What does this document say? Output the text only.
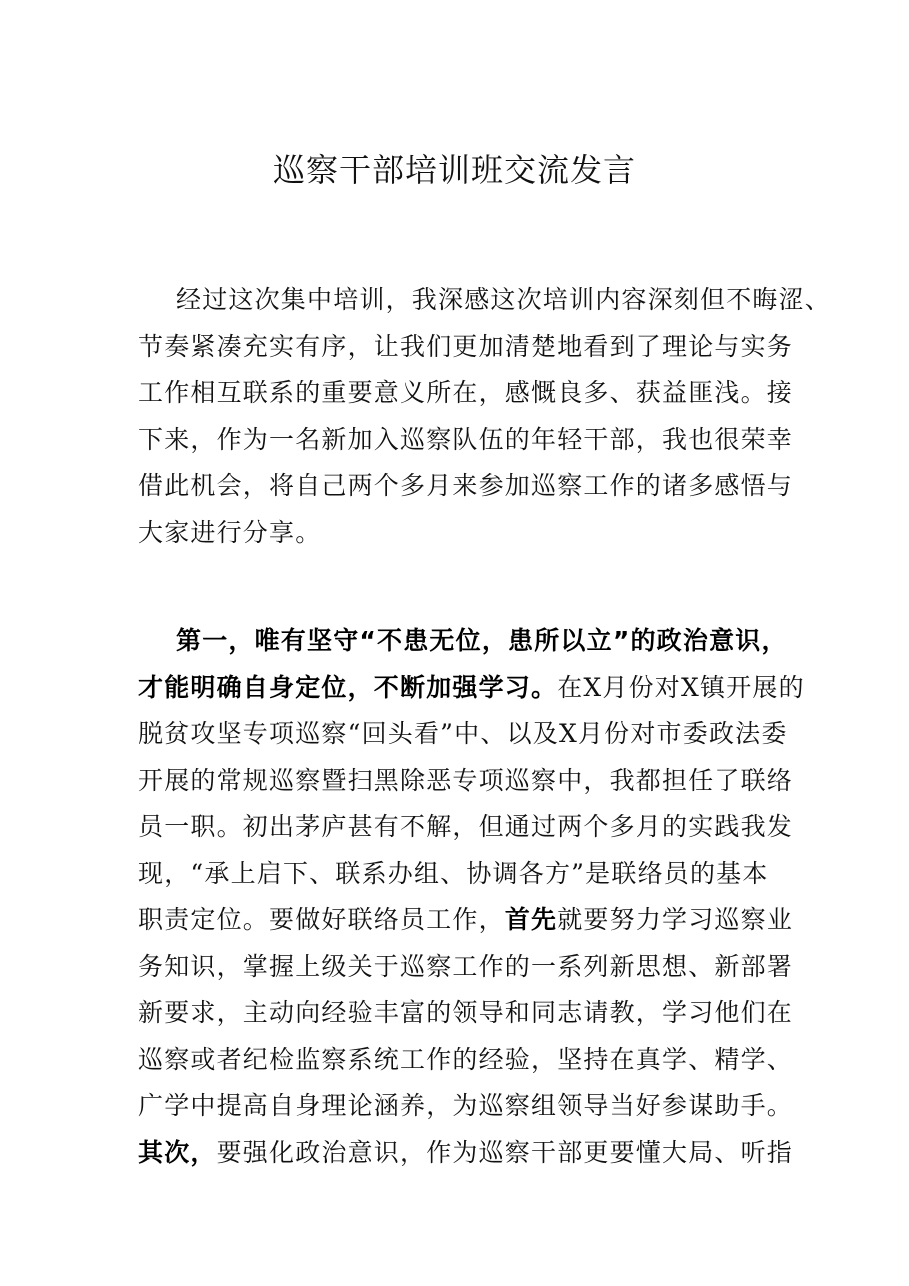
巡察干部培训班交流发言
经过这次集中培训，我深感这次培训内容深刻但不晦涩、
节奏紧凑充实有序，让我们更加清楚地看到了理论与实务
工作相互联系的重要意义所在，感慨良多、获益匪浅。接
下来，作为一名新加入巡察队伍的年轻干部，我也很荣幸
借此机会，将自己两个多月来参加巡察工作的诸多感悟与
大家进行分享。
第一，唯有坚守“不患无位，患所以立”的政治意识，
才能明确自身定位，不断加强学习。在X月份对X镇开展的
脱贫攻坚专项巡察“回头看”中、以及X月份对市委政法委
开展的常规巡察暨扫黑除恶专项巡察中，我都担任了联络
员一职。初出茅庐甚有不解，但通过两个多月的实践我发
现，“承上启下、联系办组、协调各方”是联络员的基本
职责定位。要做好联络员工作，首先就要努力学习巡察业
务知识，掌握上级关于巡察工作的一系列新思想、新部署
新要求，主动向经验丰富的领导和同志请教，学习他们在
巡察或者纪检监察系统工作的经验，坚持在真学、精学、
广学中提高自身理论涵养，为巡察组领导当好参谋助手。
其次，要强化政治意识，作为巡察干部更要懂大局、听指
